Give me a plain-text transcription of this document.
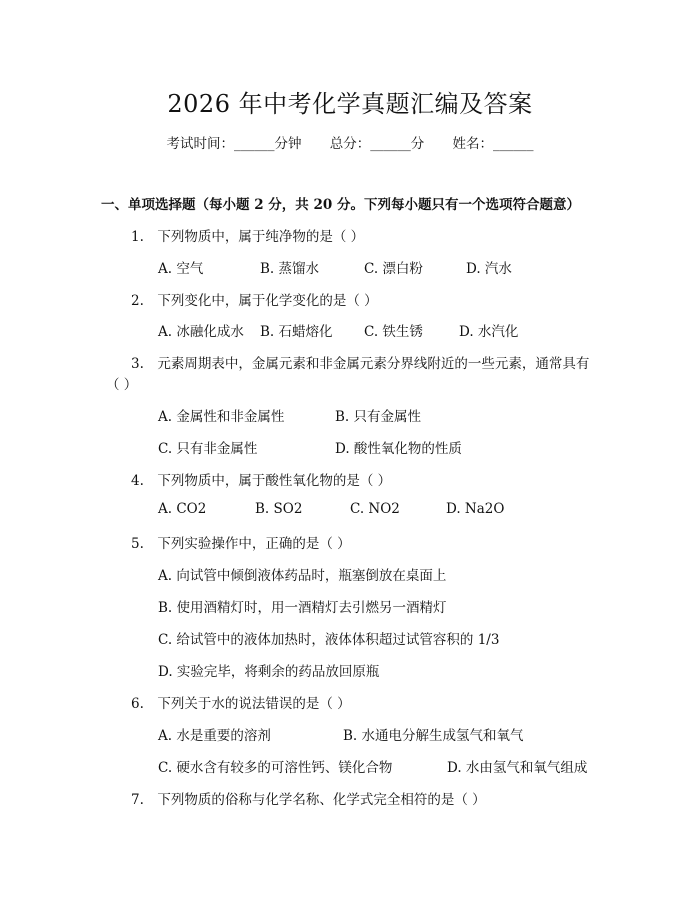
2026 年中考化学真题汇编及答案
考试时间：______分钟 总分：______分 姓名：______
一、单项选择题（每小题 2 分，共 20 分。下列每小题只有一个选项符合题意）
1.　下列物质中，属于纯净物的是（ ）
A. 空气	B. 蒸馏水	C. 漂白粉	D. 汽水
2.　下列变化中，属于化学变化的是（ ）
A. 冰融化成水 B. 石蜡熔化 C. 铁生锈	D. 水汽化
3.　元素周期表中，金属元素和非金属元素分界线附近的一些元素，通常具有
（ ）
A. 金属性和非金属性	B. 只有金属性
C. 只有非金属性	D. 酸性氧化物的性质
4.　下列物质中，属于酸性氧化物的是（ ）
A. CO2	B. SO2	C. NO2	D. Na2O
5.　下列实验操作中，正确的是（ ）
A. 向试管中倾倒液体药品时，瓶塞倒放在桌面上
B. 使用酒精灯时，用一酒精灯去引燃另一酒精灯
C. 给试管中的液体加热时，液体体积超过试管容积的 1/3
D. 实验完毕，将剩余的药品放回原瓶
6.　下列关于水的说法错误的是（ ）
A. 水是重要的溶剂	B. 水通电分解生成氢气和氧气
C. 硬水含有较多的可溶性钙、镁化合物	D. 水由氢气和氧气组成
7.　下列物质的俗称与化学名称、化学式完全相符的是（ ）
